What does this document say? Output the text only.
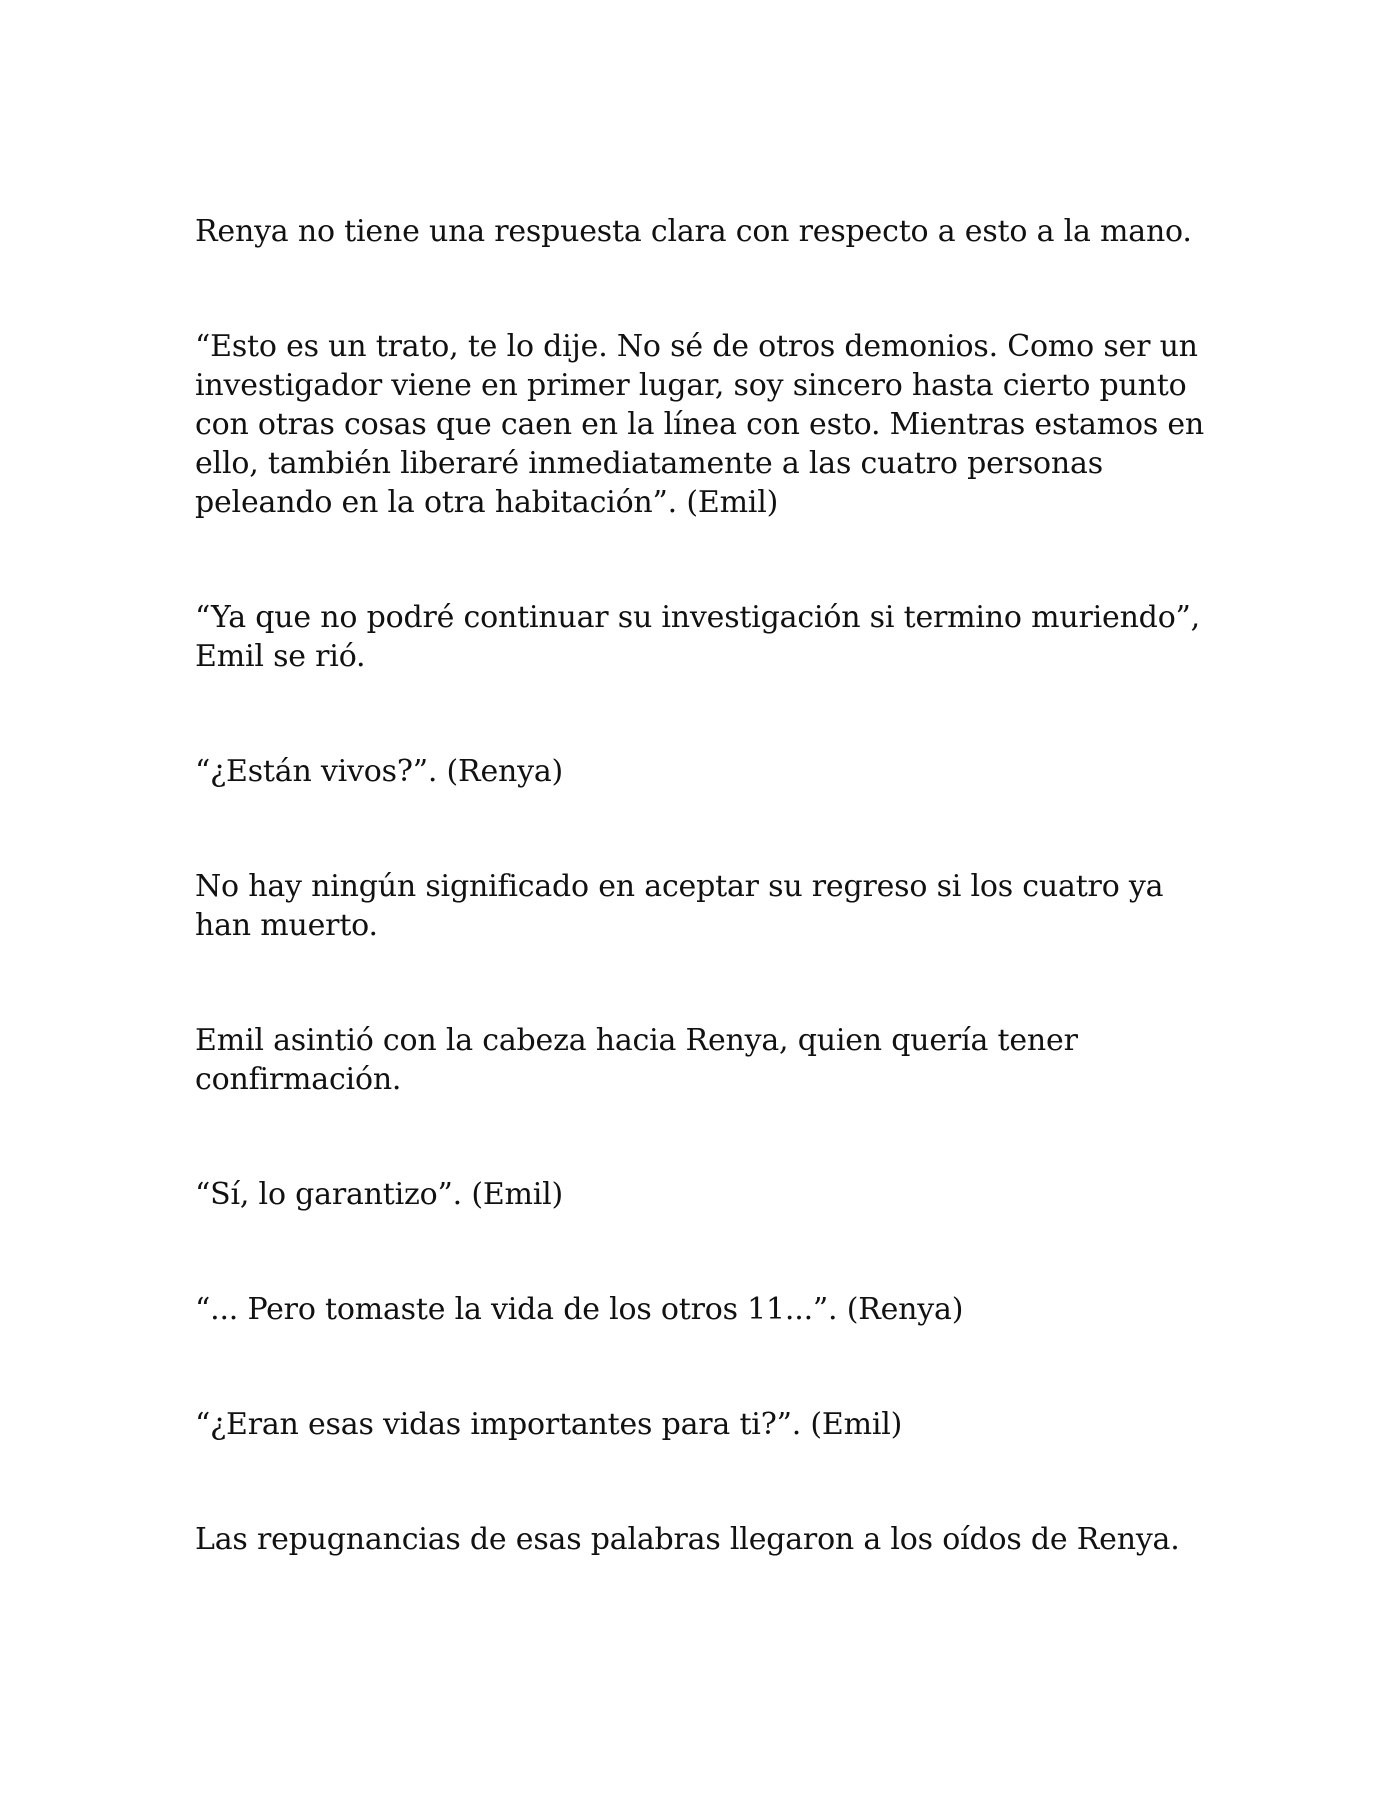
Renya no tiene una respuesta clara con respecto a esto a la mano.

“Esto es un trato, te lo dije. No sé de otros demonios. Como ser un investigador viene en primer lugar, soy sincero hasta cierto punto con otras cosas que caen en la línea con esto. Mientras estamos en ello, también liberaré inmediatamente a las cuatro personas peleando en la otra habitación”. (Emil)

“Ya que no podré continuar su investigación si termino muriendo”, Emil se rió.

“¿Están vivos?”. (Renya)

No hay ningún significado en aceptar su regreso si los cuatro ya han muerto.

Emil asintió con la cabeza hacia Renya, quien quería tener confirmación.

“Sí, lo garantizo”. (Emil)

“... Pero tomaste la vida de los otros 11...”. (Renya)

“¿Eran esas vidas importantes para ti?”. (Emil)

Las repugnancias de esas palabras llegaron a los oídos de Renya.
